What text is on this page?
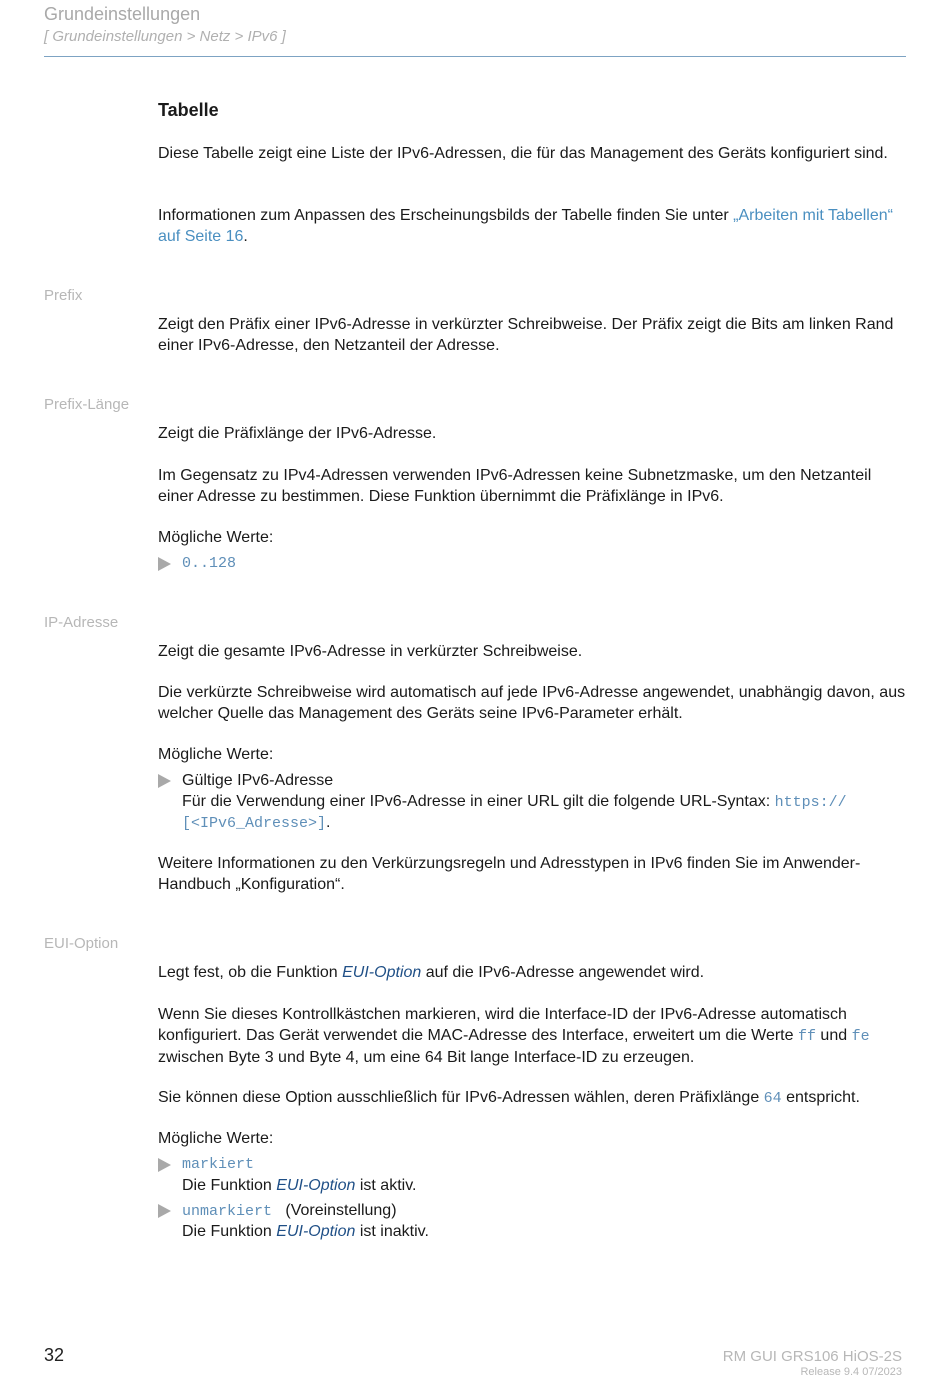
Grundeinstellungen
[ Grundeinstellungen > Netz > IPv6 ]
Tabelle

Diese Tabelle zeigt eine Liste der IPv6-Adressen, die für das Management des Geräts konfiguriert sind.

Informationen zum Anpassen des Erscheinungsbilds der Tabelle finden Sie unter „Arbeiten mit Tabellen“ auf Seite 16.

Prefix

Zeigt den Präfix einer IPv6-Adresse in verkürzter Schreibweise. Der Präfix zeigt die Bits am linken Rand einer IPv6-Adresse, den Netzanteil der Adresse.

Prefix-Länge

Zeigt die Präfixlänge der IPv6-Adresse.

Im Gegensatz zu IPv4-Adressen verwenden IPv6-Adressen keine Subnetzmaske, um den Netzanteil einer Adresse zu bestimmen. Diese Funktion übernimmt die Präfixlänge in IPv6.

Mögliche Werte:

0..128
IP-Adresse

Zeigt die gesamte IPv6-Adresse in verkürzter Schreibweise.

Die verkürzte Schreibweise wird automatisch auf jede IPv6-Adresse angewendet, unabhängig davon, aus welcher Quelle das Management des Geräts seine IPv6-Parameter erhält.

Mögliche Werte:

Gültige IPv6-Adresse
Für die Verwendung einer IPv6-Adresse in einer URL gilt die folgende URL-Syntax: https://
[<IPv6_Adresse>].

Weitere Informationen zu den Verkürzungsregeln und Adresstypen in IPv6 finden Sie im Anwender-Handbuch „Konfiguration“.

EUI-Option

Legt fest, ob die Funktion EUI-Option auf die IPv6-Adresse angewendet wird.

Wenn Sie dieses Kontrollkästchen markieren, wird die Interface-ID der IPv6-Adresse automatisch konfiguriert. Das Gerät verwendet die MAC-Adresse des Interface, erweitert um die Werte ff und fe zwischen Byte 3 und Byte 4, um eine 64 Bit lange Interface-ID zu erzeugen.

Sie können diese Option ausschließlich für IPv6-Adressen wählen, deren Präfixlänge 64 entspricht.

Mögliche Werte:

markiert
Die Funktion EUI-Option ist aktiv.
unmarkiert (Voreinstellung)
Die Funktion EUI-Option ist inaktiv.
32	RM GUI GRS106 HiOS-2S
Release 9.4 07/2023
